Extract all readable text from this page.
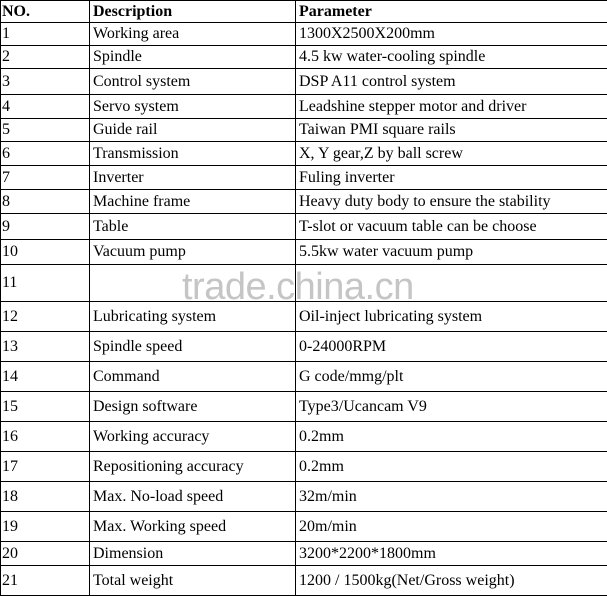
NO.	Description	Parameter
1	Working area	1300X2500X200mm
2	Spindle	4.5 kw water-cooling spindle
3	Control system	DSP A11 control system
4	Servo system	Leadshine stepper motor and driver
5	Guide rail	Taiwan PMI square rails
6	Transmission	X, Y gear,Z by ball screw
7	Inverter	Fuling inverter
8	Machine frame	Heavy duty body to ensure the stability
9	Table	T-slot or vacuum table can be choose
10	Vacuum pump	5.5kw water vacuum pump
11		
12	Lubricating system	Oil-inject lubricating system
13	Spindle speed	0-24000RPM
14	Command	G code/mmg/plt
15	Design software	Type3/Ucancam V9
16	Working accuracy	0.2mm
17	Repositioning accuracy	0.2mm
18	Max. No-load speed	32m/min
19	Max. Working speed	20m/min
20	Dimension	3200*2200*1800mm
21	Total weight	1200 / 1500kg(Net/Gross weight)
trade.china.cn
